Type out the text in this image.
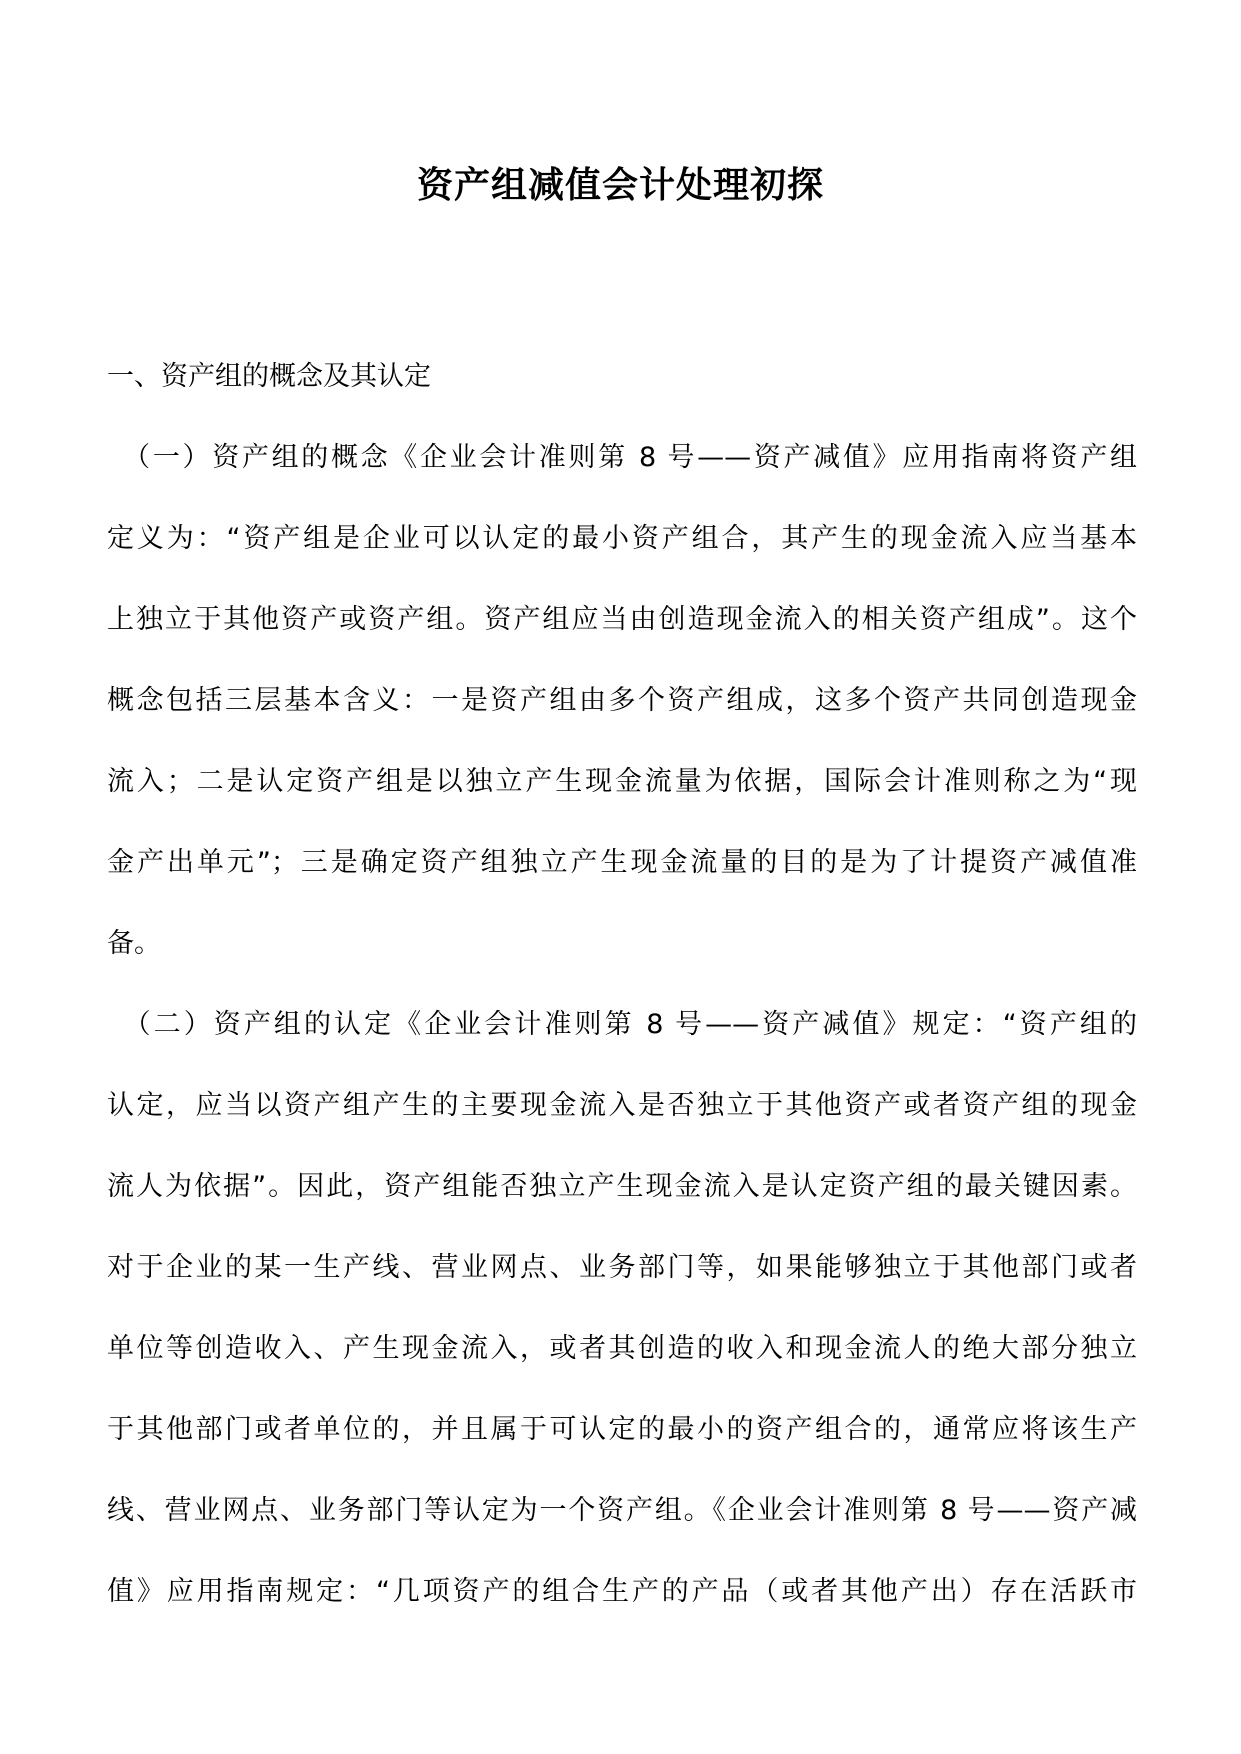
资产组减值会计处理初探

一、资产组的概念及其认定

　（一）资产组的概念《企业会计准则第 8 号——资产减值》应用指南将资产组
定义为：“资产组是企业可以认定的最小资产组合，其产生的现金流入应当基本
上独立于其他资产或资产组。资产组应当由创造现金流入的相关资产组成”。这个
概念包括三层基本含义：一是资产组由多个资产组成，这多个资产共同创造现金
流入；二是认定资产组是以独立产生现金流量为依据，国际会计准则称之为“现
金产出单元”；三是确定资产组独立产生现金流量的目的是为了计提资产减值准
备。

　（二）资产组的认定《企业会计准则第 8 号——资产减值》规定：“资产组的
认定，应当以资产组产生的主要现金流入是否独立于其他资产或者资产组的现金
流人为依据”。因此，资产组能否独立产生现金流入是认定资产组的最关键因素。
对于企业的某一生产线、营业网点、业务部门等，如果能够独立于其他部门或者
单位等创造收入、产生现金流入，或者其创造的收入和现金流人的绝大部分独立
于其他部门或者单位的，并且属于可认定的最小的资产组合的，通常应将该生产
线、营业网点、业务部门等认定为一个资产组。《企业会计准则第 8 号——资产减
值》应用指南规定：“几项资产的组合生产的产品（或者其他产出）存在活跃市
